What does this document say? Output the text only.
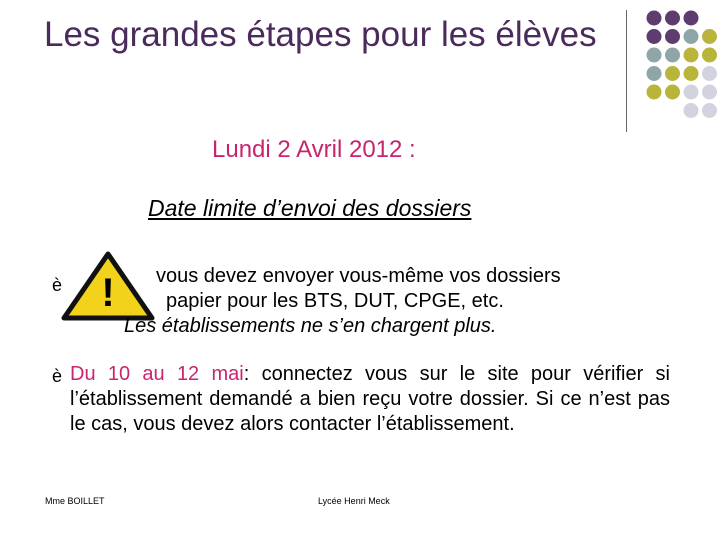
Les grandes étapes pour les élèves
Lundi 2 Avril 2012 :
Date limite d’envoi des dossiers
è !	vous devez envoyer vous-même vos dossiers
papier pour les BTS, DUT, CPGE, etc.
Les établissements ne s’en chargent plus.
è Du 10 au 12 mai: connectez vous sur le site pour vérifier si l’établissement demandé a bien reçu votre dossier. Si ce n’est pas le cas, vous devez alors contacter l’établissement.
Mme BOILLET	Lycée Henri Meck
